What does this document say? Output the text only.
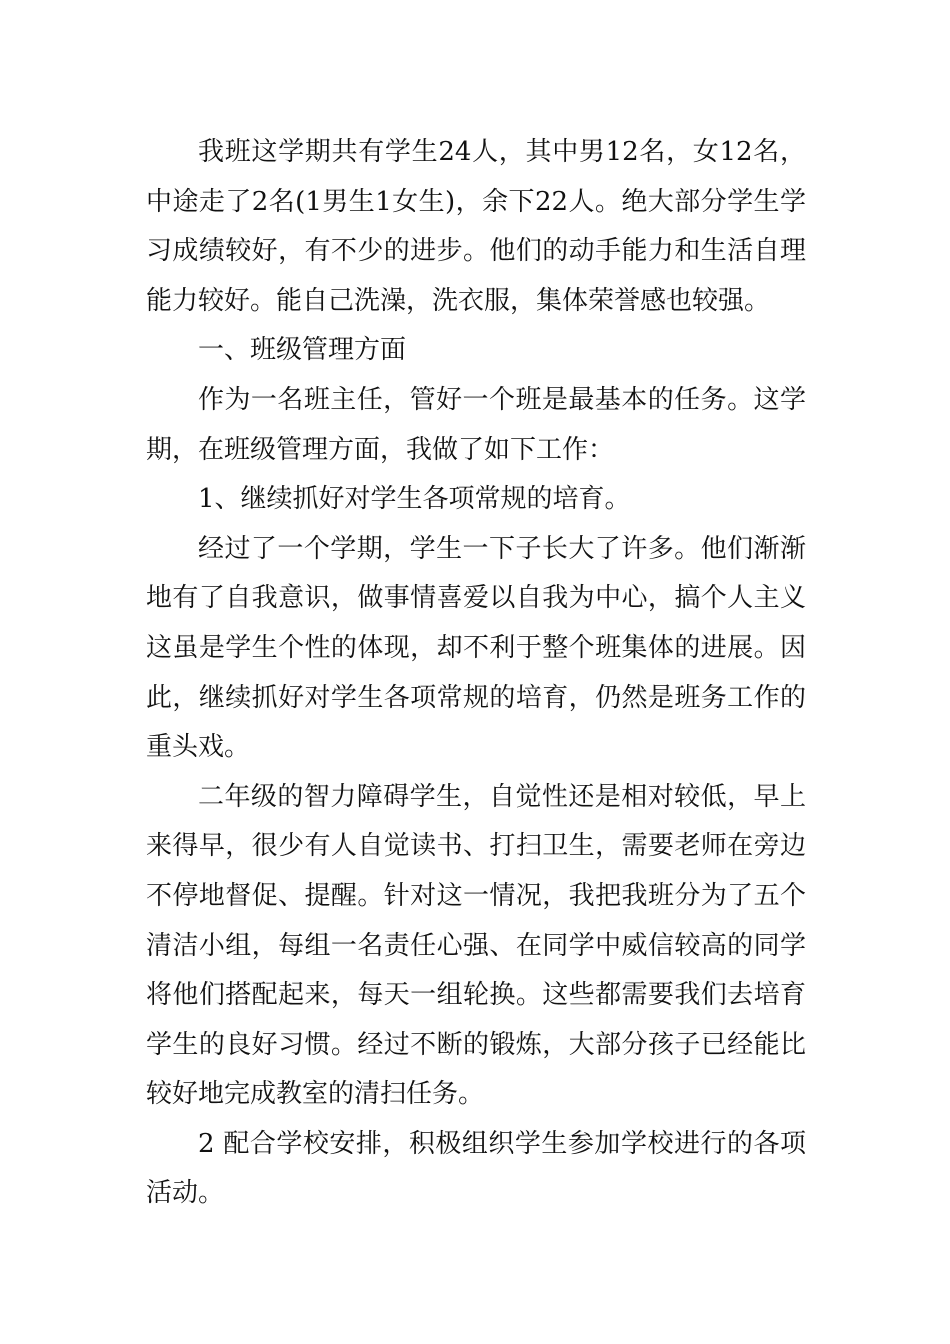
我班这学期共有学生24人，其中男12名，女12名，中途走了2名(1男生1女生)，余下22人。绝大部分学生学习成绩较好，有不少的进步。他们的动手能力和生活自理能力较好。能自己洗澡，洗衣服，集体荣誉感也较强。

一、班级管理方面

作为一名班主任，管好一个班是最基本的任务。这学期，在班级管理方面，我做了如下工作：

1、继续抓好对学生各项常规的培育。

经过了一个学期，学生一下子长大了许多。他们渐渐地有了自我意识，做事情喜爱以自我为中心，搞个人主义这虽是学生个性的体现，却不利于整个班集体的进展。因此，继续抓好对学生各项常规的培育，仍然是班务工作的重头戏。

二年级的智力障碍学生，自觉性还是相对较低，早上来得早，很少有人自觉读书、打扫卫生，需要老师在旁边不停地督促、提醒。针对这一情况，我把我班分为了五个清洁小组，每组一名责任心强、在同学中威信较高的同学将他们搭配起来，每天一组轮换。这些都需要我们去培育学生的良好习惯。经过不断的锻炼，大部分孩子已经能比较好地完成教室的清扫任务。

2 配合学校安排，积极组织学生参加学校进行的各项活动。
